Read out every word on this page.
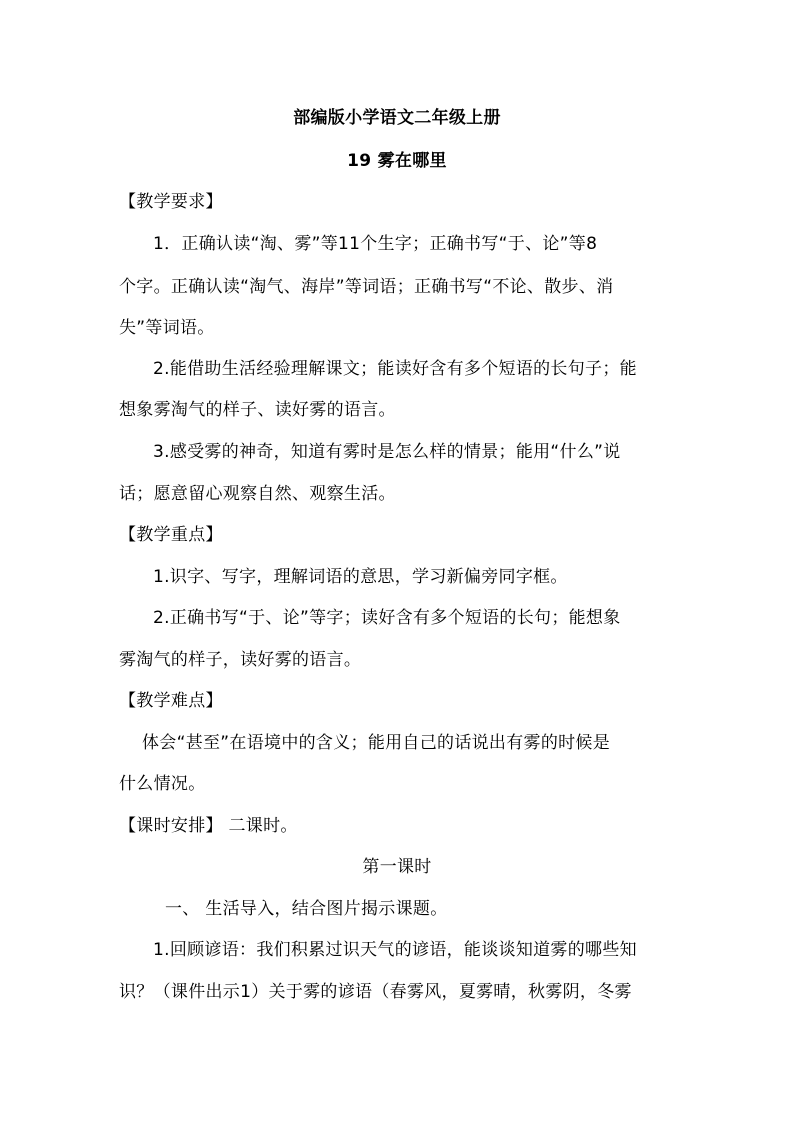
部编版小学语文二年级上册
19 雾在哪里
【教学要求】
1．正确认读“淘、雾”等11个生字；正确书写“于、论”等8
个字。正确认读“淘气、海岸”等词语；正确书写“不论、散步、消
失”等词语。
2.能借助生活经验理解课文；能读好含有多个短语的长句子；能
想象雾淘气的样子、读好雾的语言。
3.感受雾的神奇，知道有雾时是怎么样的情景；能用“什么”说
话；愿意留心观察自然、观察生活。
【教学重点】
1.识字、写字，理解词语的意思，学习新偏旁同字框。
2.正确书写“于、论”等字；读好含有多个短语的长句；能想象
雾淘气的样子，读好雾的语言。
【教学难点】
体会“甚至”在语境中的含义；能用自己的话说出有雾的时候是
什么情况。
【课时安排】 二课时。
第一课时
一、 生活导入，结合图片揭示课题。
1.回顾谚语：我们积累过识天气的谚语，能谈谈知道雾的哪些知
识？（课件出示1）关于雾的谚语（春雾风，夏雾晴，秋雾阴，冬雾
